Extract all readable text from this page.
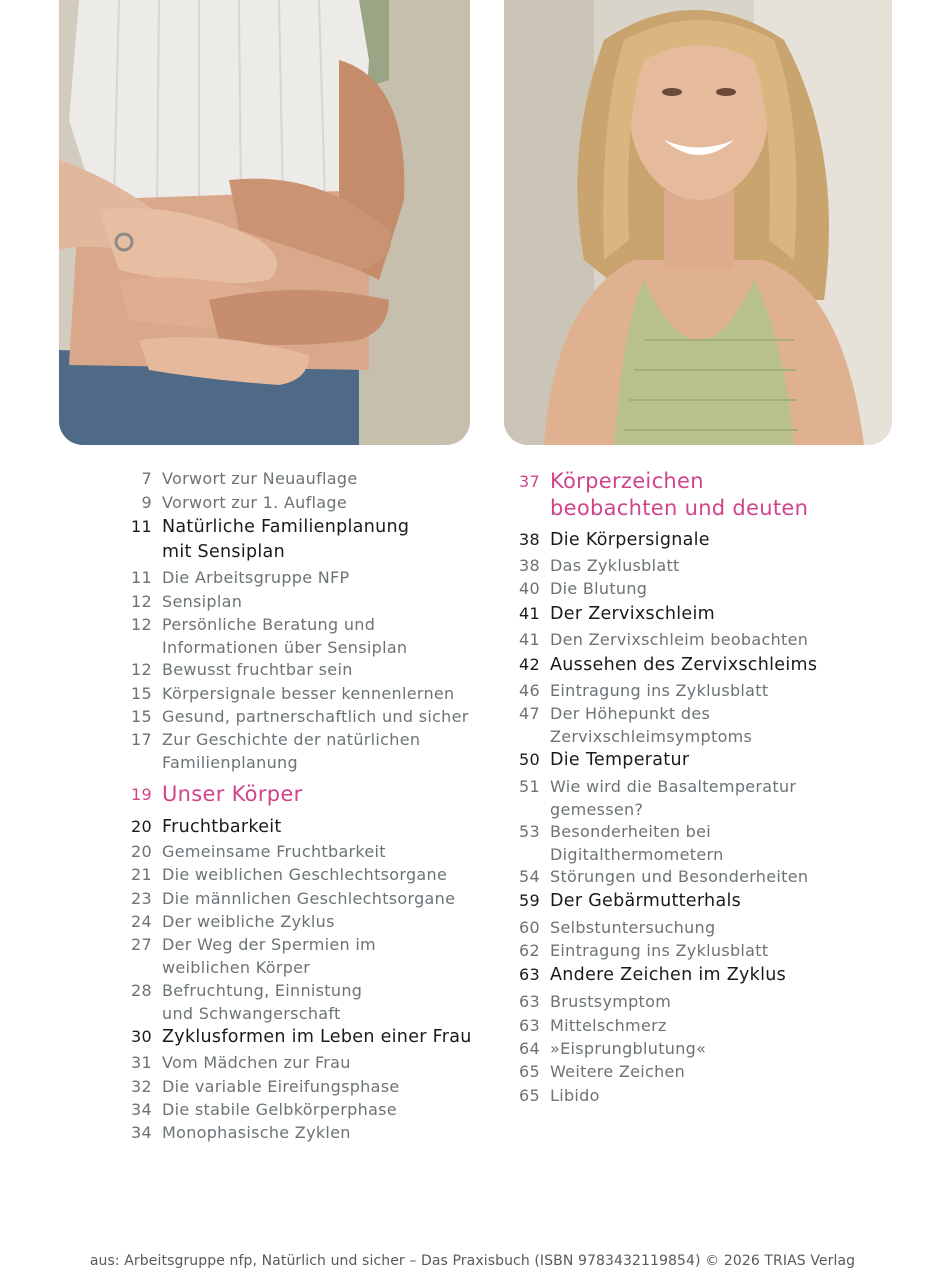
7 Vorwort zur Neuauflage
9 Vorwort zur 1. Auflage
11 Natürliche Familienplanung
mit Sensiplan
11 Die Arbeitsgruppe NFP
12 Sensiplan
12 Persönliche Beratung und
Informationen über Sensiplan
12 Bewusst fruchtbar sein
15 Körpersignale besser kennenlernen
15 Gesund, partnerschaftlich und sicher
17 Zur Geschichte der natürlichen
Familienplanung
19 Unser Körper
20 Fruchtbarkeit
20 Gemeinsame Fruchtbarkeit
21 Die weiblichen Geschlechtsorgane
23 Die männlichen Geschlechtsorgane
24 Der weibliche Zyklus
27 Der Weg der Spermien im
weiblichen Körper
28 Befruchtung, Einnistung
und Schwangerschaft
30 Zyklusformen im Leben einer Frau
31 Vom Mädchen zur Frau
32 Die variable Eireifungsphase
34 Die stabile Gelbkörperphase
34 Monophasische Zyklen
37 Körperzeichen
beobachten und deuten
38 Die Körpersignale
38 Das Zyklusblatt
40 Die Blutung
41 Der Zervixschleim
41 Den Zervixschleim beobachten
42 Aussehen des Zervixschleims
46 Eintragung ins Zyklusblatt
47 Der Höhepunkt des
Zervixschleimsymptoms
50 Die Temperatur
51 Wie wird die Basaltemperatur
gemessen?
53 Besonderheiten bei
Digitalthermometern
54 Störungen und Besonderheiten
59 Der Gebärmutterhals
60 Selbstuntersuchung
62 Eintragung ins Zyklusblatt
63 Andere Zeichen im Zyklus
63 Brustsymptom
63 Mittelschmerz
64 »Eisprungblutung«
65 Weitere Zeichen
65 Libido
aus: Arbeitsgruppe nfp, Natürlich und sicher – Das Praxisbuch (ISBN 9783432119854) © 2026 TRIAS Verlag
